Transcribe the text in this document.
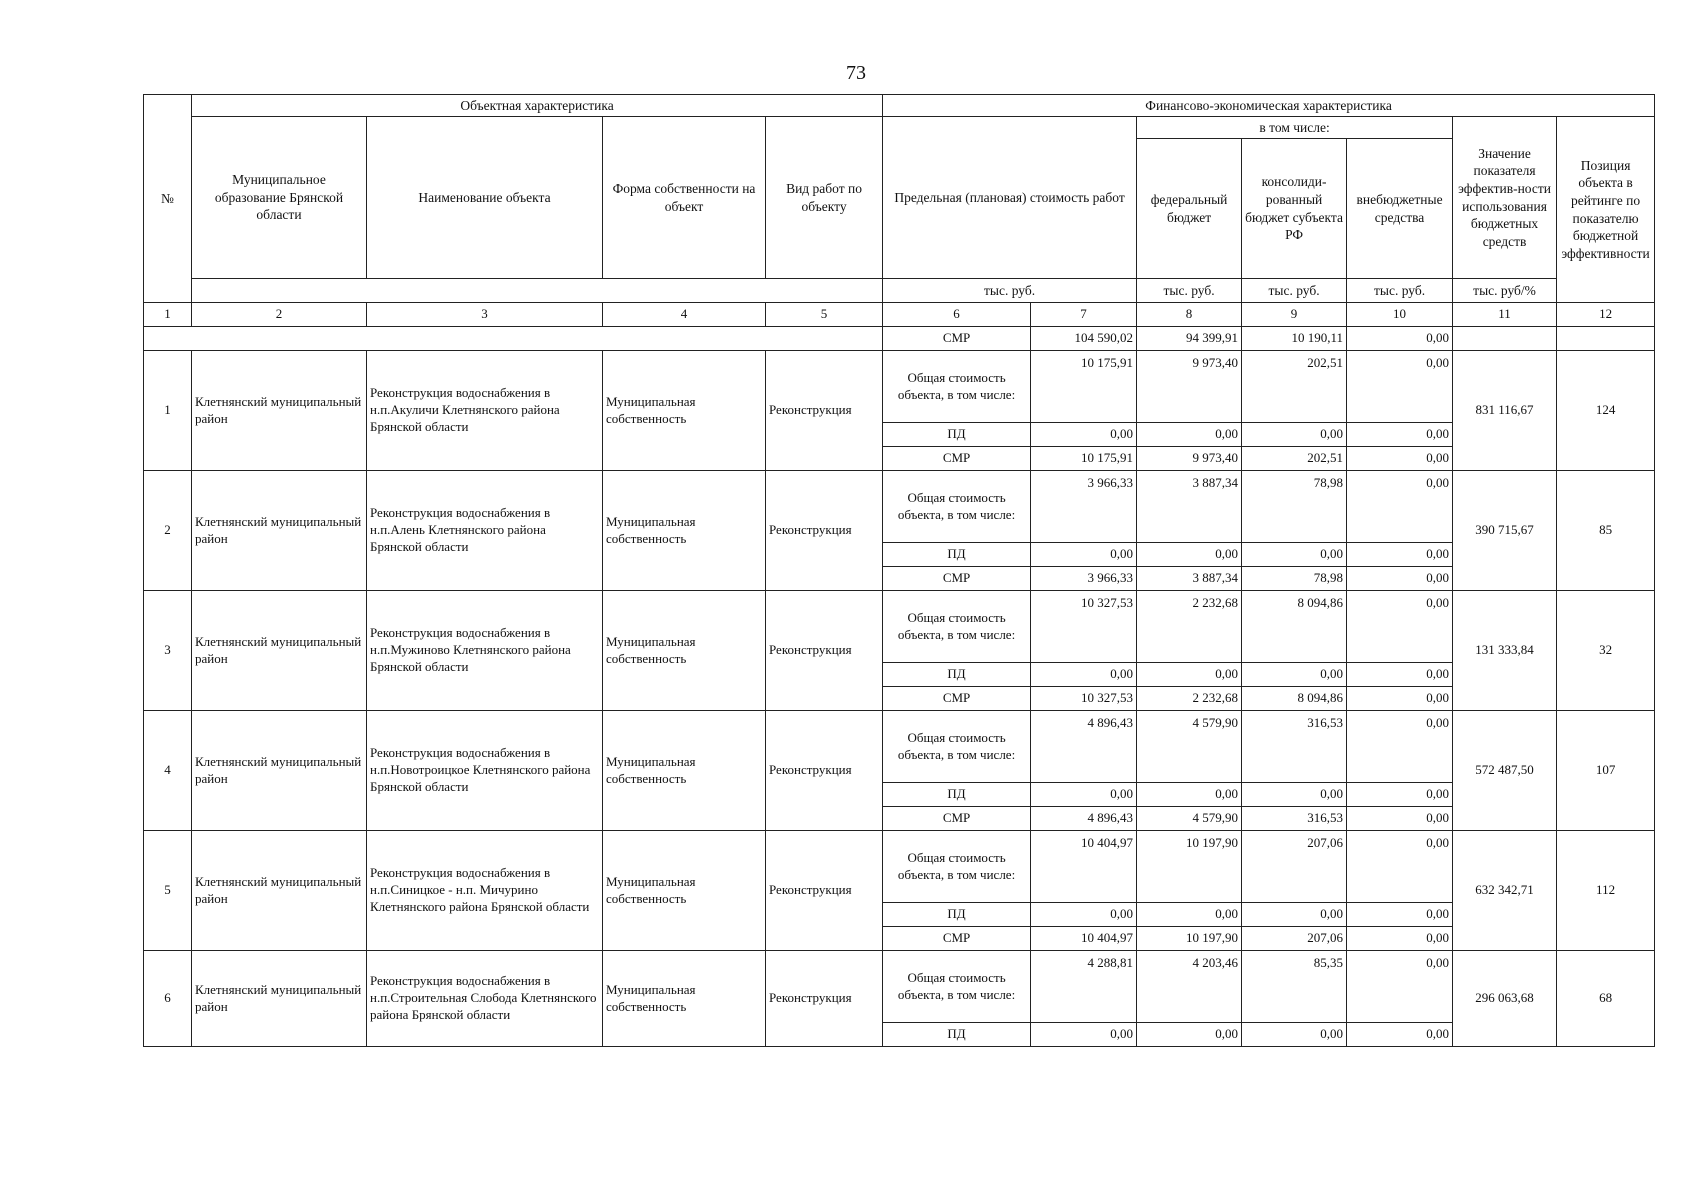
73
№	Объектная характеристика				Финансово-экономическая характеристика						
	Муниципальное образование Брянской области	Наименование объекта	Форма собственности на объект	Вид работ по объекту	Предельная (плановая) стоимость работ		в том числе:			Значение показателя эффектив-ности использования бюджетных средств	Позиция объекта в рейтинге по показателю бюджетной эффективности
							федеральный бюджет	консолиди-рованный бюджет субъекта РФ	внебюджетные средства		
					тыс. руб.		тыс. руб.	тыс. руб.	тыс. руб.	тыс. руб/%	
1	2	3	4	5	6	7	8	9	10	11	12
					СМР	104 590,02	94 399,91	10 190,11	0,00		
1	Клетнянский муниципальный район	Реконструкция водоснабжения в н.п.Акуличи Клетнянского района Брянской области	Муниципальная собственность	Реконструкция	Общая стоимость объекта, в том числе:	10 175,91	9 973,40	202,51	0,00	831 116,67	124
					ПД	0,00	0,00	0,00	0,00		
					СМР	10 175,91	9 973,40	202,51	0,00		
2	Клетнянский муниципальный район	Реконструкция водоснабжения в н.п.Алень Клетнянского района Брянской области	Муниципальная собственность	Реконструкция	Общая стоимость объекта, в том числе:	3 966,33	3 887,34	78,98	0,00	390 715,67	85
					ПД	0,00	0,00	0,00	0,00		
					СМР	3 966,33	3 887,34	78,98	0,00		
3	Клетнянский муниципальный район	Реконструкция водоснабжения в н.п.Мужиново Клетнянского района Брянской области	Муниципальная собственность	Реконструкция	Общая стоимость объекта, в том числе:	10 327,53	2 232,68	8 094,86	0,00	131 333,84	32
					ПД	0,00	0,00	0,00	0,00		
					СМР	10 327,53	2 232,68	8 094,86	0,00		
4	Клетнянский муниципальный район	Реконструкция водоснабжения в н.п.Новотроицкое Клетнянского района Брянской области	Муниципальная собственность	Реконструкция	Общая стоимость объекта, в том числе:	4 896,43	4 579,90	316,53	0,00	572 487,50	107
					ПД	0,00	0,00	0,00	0,00		
					СМР	4 896,43	4 579,90	316,53	0,00		
5	Клетнянский муниципальный район	Реконструкция водоснабжения в н.п.Синицкое - н.п. Мичурино Клетнянского района Брянской области	Муниципальная собственность	Реконструкция	Общая стоимость объекта, в том числе:	10 404,97	10 197,90	207,06	0,00	632 342,71	112
					ПД	0,00	0,00	0,00	0,00		
					СМР	10 404,97	10 197,90	207,06	0,00		
6	Клетнянский муниципальный район	Реконструкция водоснабжения в н.п.Строительная Слобода Клетнянского района Брянской области	Муниципальная собственность	Реконструкция	Общая стоимость объекта, в том числе:	4 288,81	4 203,46	85,35	0,00	296 063,68	68
					ПД	0,00	0,00	0,00	0,00		
